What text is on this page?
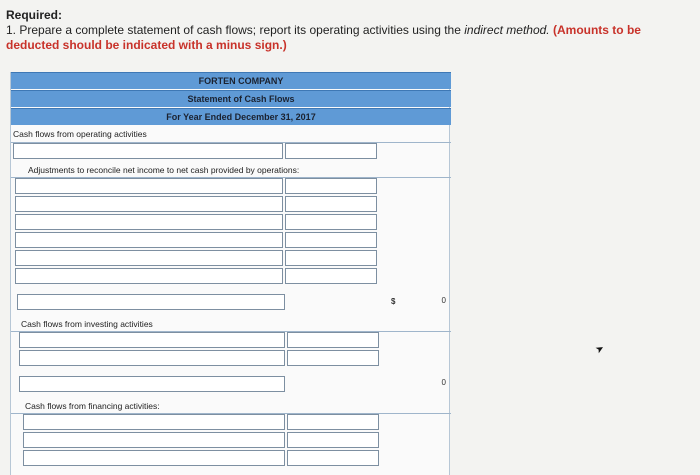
Required:
1. Prepare a complete statement of cash flows; report its operating activities using the indirect method. (Amounts to be deducted should be indicated with a minus sign.)
FORTEN COMPANY
Statement of Cash Flows
For Year Ended December 31, 2017
Cash flows from operating activities
Adjustments to reconcile net income to net cash provided by operations:
$	0
Cash flows from investing activities
0
Cash flows from financing activities:
➤
